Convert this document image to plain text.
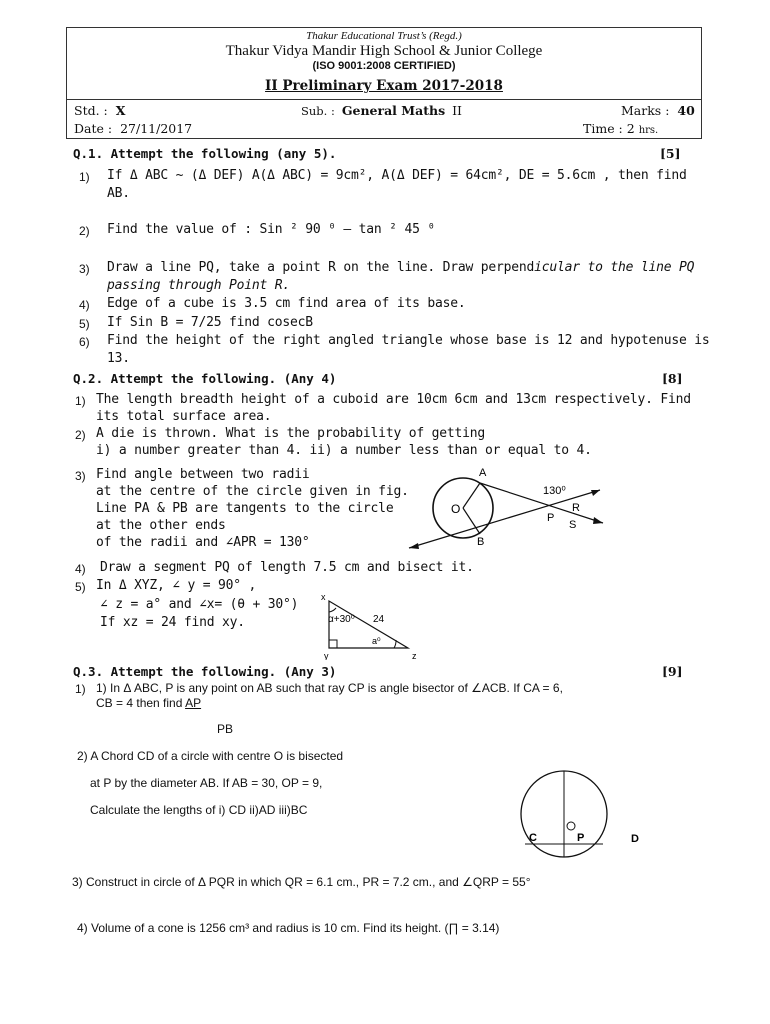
Thakur Educational Trust’s (Regd.)
Thakur Vidya Mandir High School & Junior College
(ISO 9001:2008 CERTIFIED)
II Preliminary Exam 2017-2018
Std. : X	Sub. : General Maths II	Marks : 40
Date : 27/11/2017	Time : 2 hrs.
Q.1. Attempt the following (any 5).	[5]
1) If Δ ABC ~ (Δ DEF) A(Δ ABC) = 9cm², A(Δ DEF) = 64cm², DE = 5.6cm , then find
AB.
2) Find the value of : Sin ² 90 ⁰ – tan ² 45 ⁰
3) Draw a line PQ, take a point R on the line. Draw perpendicular to the line PQ
passing through Point R.
4) Edge of a cube is 3.5 cm find area of its base.
5) If Sin B = 7/25 find cosecB
6) Find the height of the right angled triangle whose base is 12 and hypotenuse is
13.
Q.2. Attempt the following. (Any 4)	[8]
1) The length breadth height of a cuboid are 10cm 6cm and 13cm respectively. Find
its total surface area.
2) A die is thrown. What is the probability of getting
i) a number greater than 4. ii) a number less than or equal to 4.
3) Find angle between two radii
at the centre of the circle given in fig.
Line PA & PB are tangents to the circle
at the other ends
of the radii and ∠APR = 130°
O
A
B
130⁰
P
R
S
4) Draw a segment PQ of length 7.5 cm and bisect it.
5) In Δ XYZ, ∠ y = 90° ,
∠ z = a° and ∠x= (θ + 30°)
If xz = 24 find xy.
x
y	z
α+30⁰ 24
a⁰
Q.3. Attempt the following. (Any 3)	[9]
1) 1) In Δ ABC, P is any point on AB such that ray CP is angle bisector of ∠ACB. If CA = 6,
CB = 4 then find AP
PB
2) A Chord CD of a circle with centre O is bisected
at P by the diameter AB. If AB = 30, OP = 9,
Calculate the lengths of i) CD ii)AD iii)BC
C	P	D
3) Construct in circle of Δ PQR in which QR = 6.1 cm., PR = 7.2 cm., and ∠QRP = 55°
4) Volume of a cone is 1256 cm³ and radius is 10 cm. Find its height. (∏ = 3.14)
